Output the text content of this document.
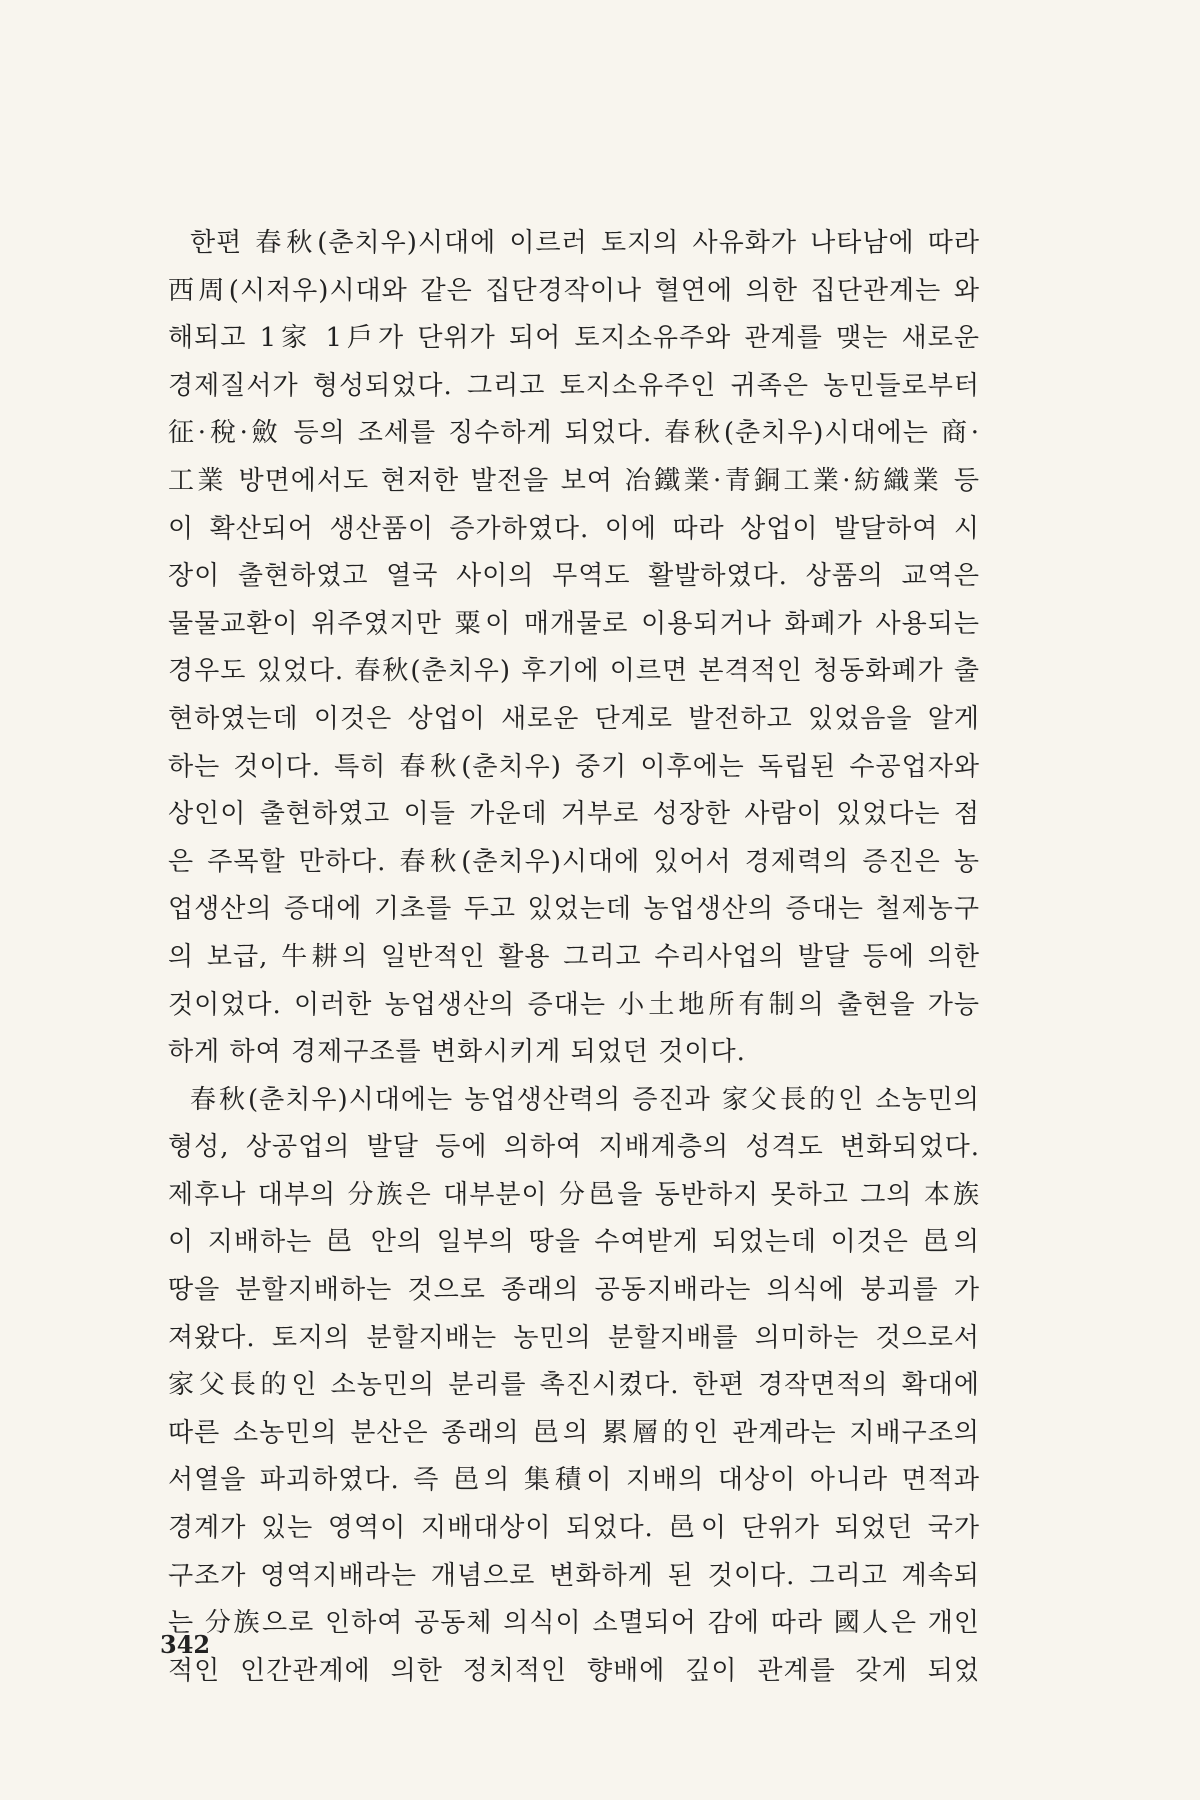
한편 春秋(춘치우)시대에 이르러 토지의 사유화가 나타남에 따라
西周(시저우)시대와 같은 집단경작이나 혈연에 의한 집단관계는 와
해되고 1家 1戶가 단위가 되어 토지소유주와 관계를 맺는 새로운
경제질서가 형성되었다. 그리고 토지소유주인 귀족은 농민들로부터
征·稅·斂 등의 조세를 징수하게 되었다. 春秋(춘치우)시대에는 商·
工業 방면에서도 현저한 발전을 보여 冶鐵業·青銅工業·紡織業 등
이 확산되어 생산품이 증가하였다. 이에 따라 상업이 발달하여 시
장이 출현하였고 열국 사이의 무역도 활발하였다. 상품의 교역은
물물교환이 위주였지만 粟이 매개물로 이용되거나 화폐가 사용되는
경우도 있었다. 春秋(춘치우) 후기에 이르면 본격적인 청동화폐가 출
현하였는데 이것은 상업이 새로운 단계로 발전하고 있었음을 알게
하는 것이다. 특히 春秋(춘치우) 중기 이후에는 독립된 수공업자와
상인이 출현하였고 이들 가운데 거부로 성장한 사람이 있었다는 점
은 주목할 만하다. 春秋(춘치우)시대에 있어서 경제력의 증진은 농
업생산의 증대에 기초를 두고 있었는데 농업생산의 증대는 철제농구
의 보급, 牛耕의 일반적인 활용 그리고 수리사업의 발달 등에 의한
것이었다. 이러한 농업생산의 증대는 小土地所有制의 출현을 가능
하게 하여 경제구조를 변화시키게 되었던 것이다.
春秋(춘치우)시대에는 농업생산력의 증진과 家父長的인 소농민의
형성, 상공업의 발달 등에 의하여 지배계층의 성격도 변화되었다.
제후나 대부의 分族은 대부분이 分邑을 동반하지 못하고 그의 本族
이 지배하는 邑 안의 일부의 땅을 수여받게 되었는데 이것은 邑의
땅을 분할지배하는 것으로 종래의 공동지배라는 의식에 붕괴를 가
져왔다. 토지의 분할지배는 농민의 분할지배를 의미하는 것으로서
家父長的인 소농민의 분리를 촉진시켰다. 한편 경작면적의 확대에
따른 소농민의 분산은 종래의 邑의 累層的인 관계라는 지배구조의
서열을 파괴하였다. 즉 邑의 集積이 지배의 대상이 아니라 면적과
경계가 있는 영역이 지배대상이 되었다. 邑이 단위가 되었던 국가
구조가 영역지배라는 개념으로 변화하게 된 것이다. 그리고 계속되
는 分族으로 인하여 공동체 의식이 소멸되어 감에 따라 國人은 개인
적인 인간관계에 의한 정치적인 향배에 깊이 관계를 갖게 되었
342
